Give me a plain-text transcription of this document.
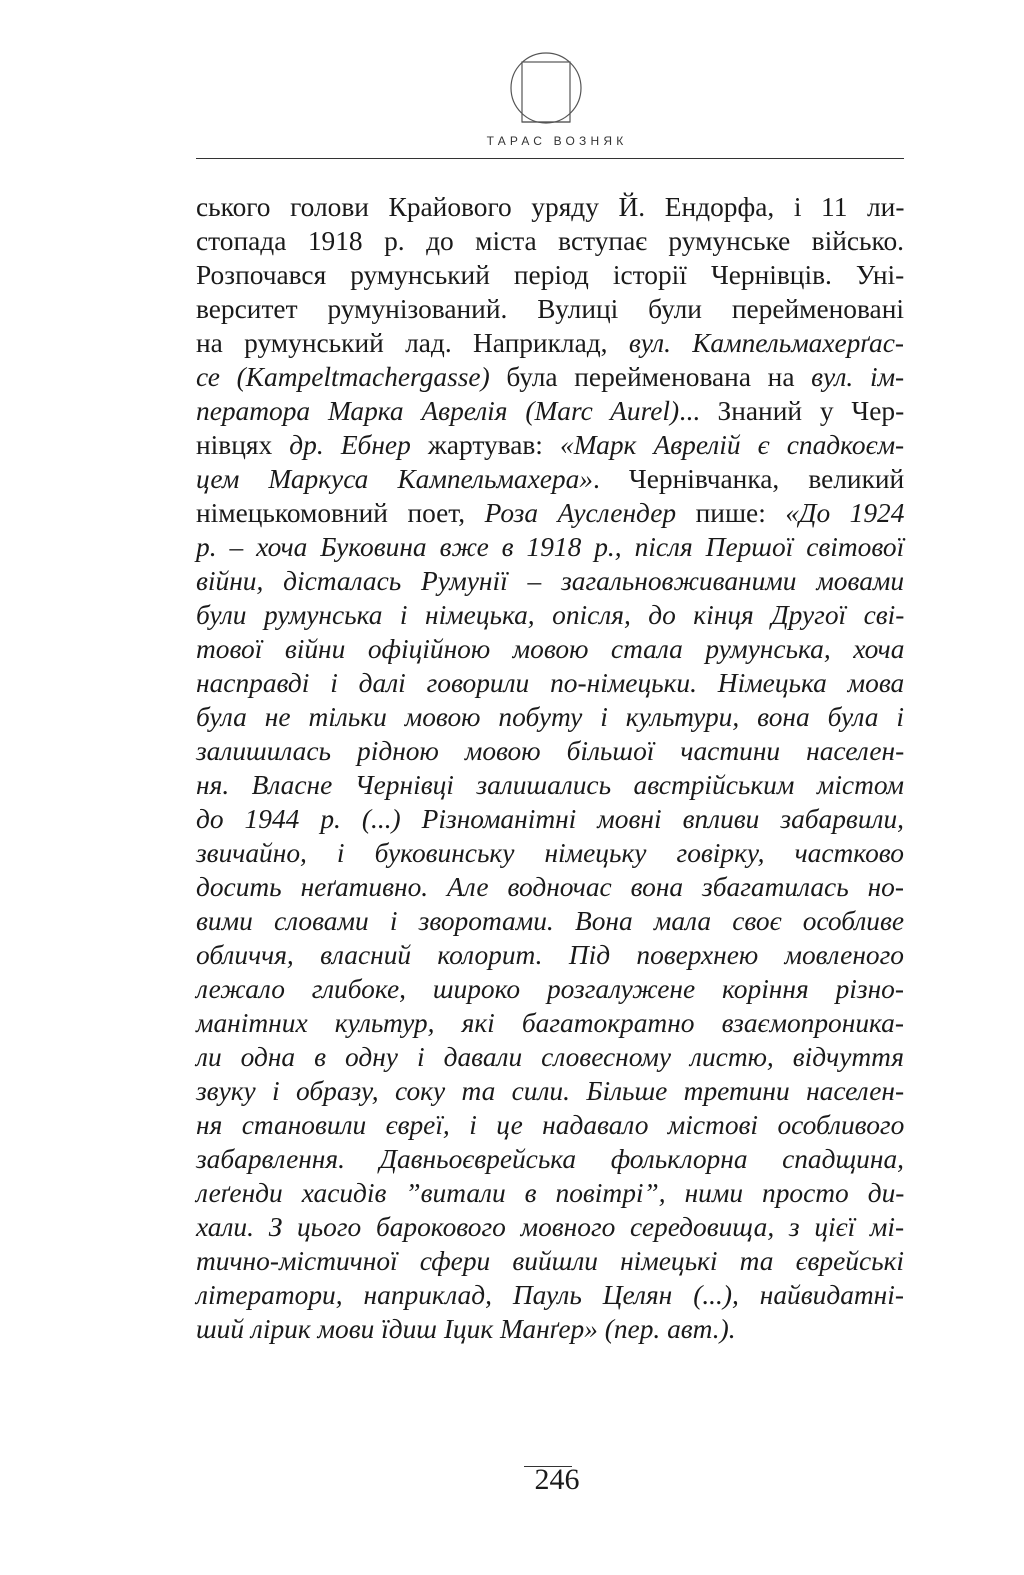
ТАРАС ВОЗНЯК
ського голови Крайового уряду Й. Ендорфа, і 11 ли-
стопада 1918 р. до міста вступає румунське військо.
Розпочався румунський період історії Чернівців. Уні-
верситет румунізований. Вулиці були перейменовані
на румунський лад. Наприклад, вул. Кампельмахерґас-
се (Kampeltmachergasse) була перейменована на вул. ім-
ператора Марка Аврелія (Marc Aurel)... Знаний у Чер-
нівцях др. Ебнер жартував: «Марк Аврелій є спадкоєм-
цем Маркуса Кампельмахера». Чернівчанка, великий
німецькомовний поет, Роза Ауслендер пише: «До 1924
р. – хоча Буковина вже в 1918 р., після Першої світової
війни, дісталась Румунії – загальновживаними мовами
були румунська і німецька, опісля, до кінця Другої сві-
тової війни офіційною мовою стала румунська, хоча
насправді і далі говорили по-німецьки. Німецька мова
була не тільки мовою побуту і культури, вона була і
залишилась рідною мовою більшої частини населен-
ня. Власне Чернівці залишались австрійським містом
до 1944 р. (...) Різноманітні мовні впливи забарвили,
звичайно, і буковинську німецьку говірку, частково
досить неґативно. Але водночас вона збагатилась но-
вими словами і зворотами. Вона мала своє особливе
обличчя, власний колорит. Під поверхнею мовленого
лежало глибоке, широко розгалужене коріння різно-
манітних культур, які багатократно взаємопроника-
ли одна в одну і давали словесному листю, відчуття
звуку і образу, соку та сили. Більше третини населен-
ня становили євреї, і це надавало містові особливого
забарвлення. Давньоєврейська фольклорна спадщина,
леґенди хасидів ”витали в повітрі”, ними просто ди-
хали. З цього барокового мовного середовища, з цієї мі-
тично-містичної сфери вийшли німецькі та єврейські
літератори, наприклад, Пауль Целян (...), найвидатні-
ший лірик мови їдиш Іцик Манґер» (пер. авт.).
246
